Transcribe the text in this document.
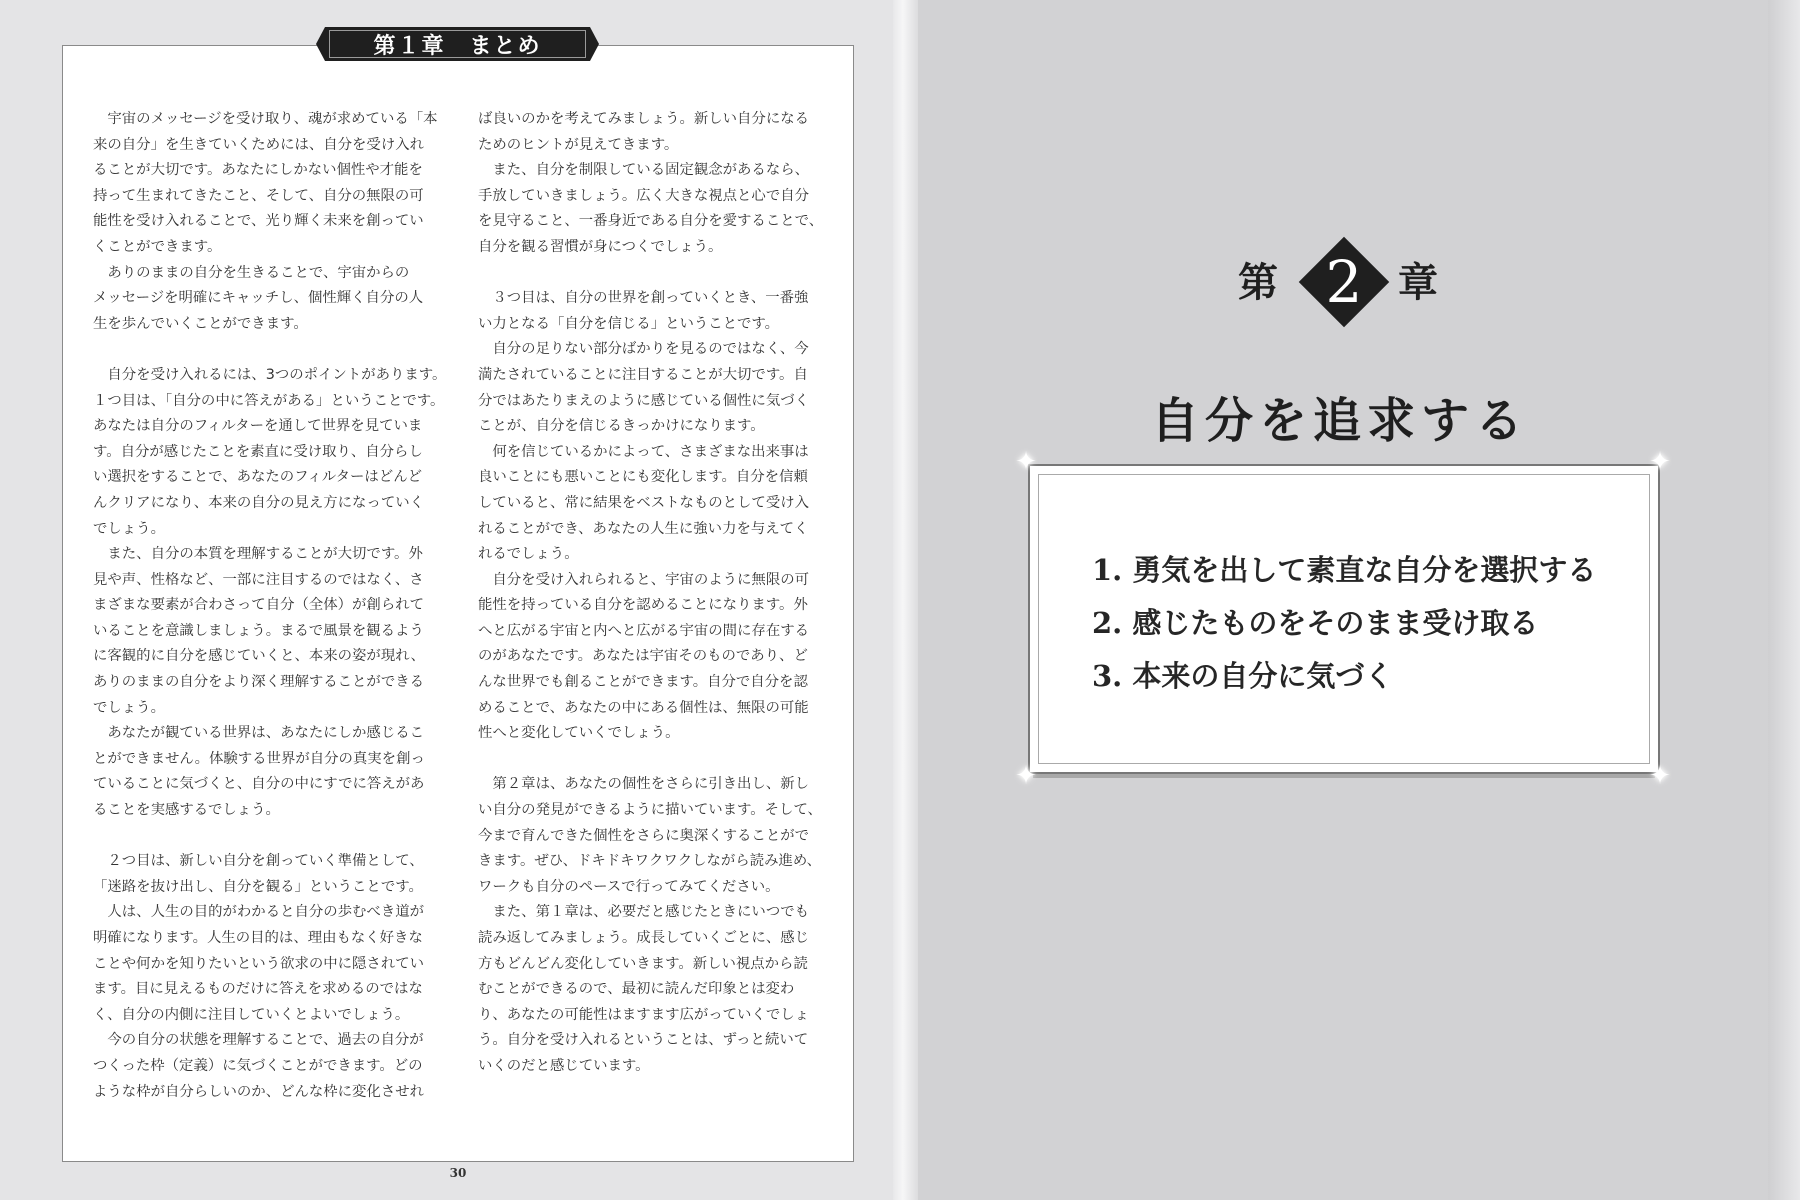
第１章　まとめ

　宇宙のメッセージを受け取り、魂が求めている「本

来の自分」を生きていくためには、自分を受け入れ

ることが大切です。あなたにしかない個性や才能を

持って生まれてきたこと、そして、自分の無限の可

能性を受け入れることで、光り輝く未来を創ってい

くことができます。

　ありのままの自分を生きることで、宇宙からの

メッセージを明確にキャッチし、個性輝く自分の人

生を歩んでいくことができます。

　自分を受け入れるには、3つのポイントがあります。

１つ目は、「自分の中に答えがある」ということです。

あなたは自分のフィルターを通して世界を見ていま

す。自分が感じたことを素直に受け取り、自分らし

い選択をすることで、あなたのフィルターはどんど

んクリアになり、本来の自分の見え方になっていく

でしょう。

　また、自分の本質を理解することが大切です。外

見や声、性格など、一部に注目するのではなく、さ

まざまな要素が合わさって自分（全体）が創られて

いることを意識しましょう。まるで風景を観るよう

に客観的に自分を感じていくと、本来の姿が現れ、

ありのままの自分をより深く理解することができる

でしょう。

　あなたが観ている世界は、あなたにしか感じるこ

とができません。体験する世界が自分の真実を創っ

ていることに気づくと、自分の中にすでに答えがあ

ることを実感するでしょう。

　２つ目は、新しい自分を創っていく準備として、

「迷路を抜け出し、自分を観る」ということです。

　人は、人生の目的がわかると自分の歩むべき道が

明確になります。人生の目的は、理由もなく好きな

ことや何かを知りたいという欲求の中に隠されてい

ます。目に見えるものだけに答えを求めるのではな

く、自分の内側に注目していくとよいでしょう。

　今の自分の状態を理解することで、過去の自分が

つくった枠（定義）に気づくことができます。どの

ような枠が自分らしいのか、どんな枠に変化させれ

ば良いのかを考えてみましょう。新しい自分になる

ためのヒントが見えてきます。

　また、自分を制限している固定観念があるなら、

手放していきましょう。広く大きな視点と心で自分

を見守ること、一番身近である自分を愛することで、

自分を観る習慣が身につくでしょう。

　３つ目は、自分の世界を創っていくとき、一番強

い力となる「自分を信じる」ということです。

　自分の足りない部分ばかりを見るのではなく、今

満たされていることに注目することが大切です。自

分ではあたりまえのように感じている個性に気づく

ことが、自分を信じるきっかけになります。

　何を信じているかによって、さまざまな出来事は

良いことにも悪いことにも変化します。自分を信頼

していると、常に結果をベストなものとして受け入

れることができ、あなたの人生に強い力を与えてく

れるでしょう。

　自分を受け入れられると、宇宙のように無限の可

能性を持っている自分を認めることになります。外

へと広がる宇宙と内へと広がる宇宙の間に存在する

のがあなたです。あなたは宇宙そのものであり、ど

んな世界でも創ることができます。自分で自分を認

めることで、あなたの中にある個性は、無限の可能

性へと変化していくでしょう。

　第２章は、あなたの個性をさらに引き出し、新し

い自分の発見ができるように描いています。そして、

今まで育んできた個性をさらに奥深くすることがで

きます。ぜひ、ドキドキワクワクしながら読み進め、

ワークも自分のペースで行ってみてください。

　また、第１章は、必要だと感じたときにいつでも

読み返してみましょう。成長していくごとに、感じ

方もどんどん変化していきます。新しい視点から読

むことができるので、最初に読んだ印象とは変わ

り、あなたの可能性はますます広がっていくでしょ

う。自分を受け入れるということは、ずっと続いて

いくのだと感じています。

30
第 2 章
自分を追求する
✦	✦
✦	✦
1. 勇気を出して素直な自分を選択する
2. 感じたものをそのまま受け取る
3. 本来の自分に気づく
